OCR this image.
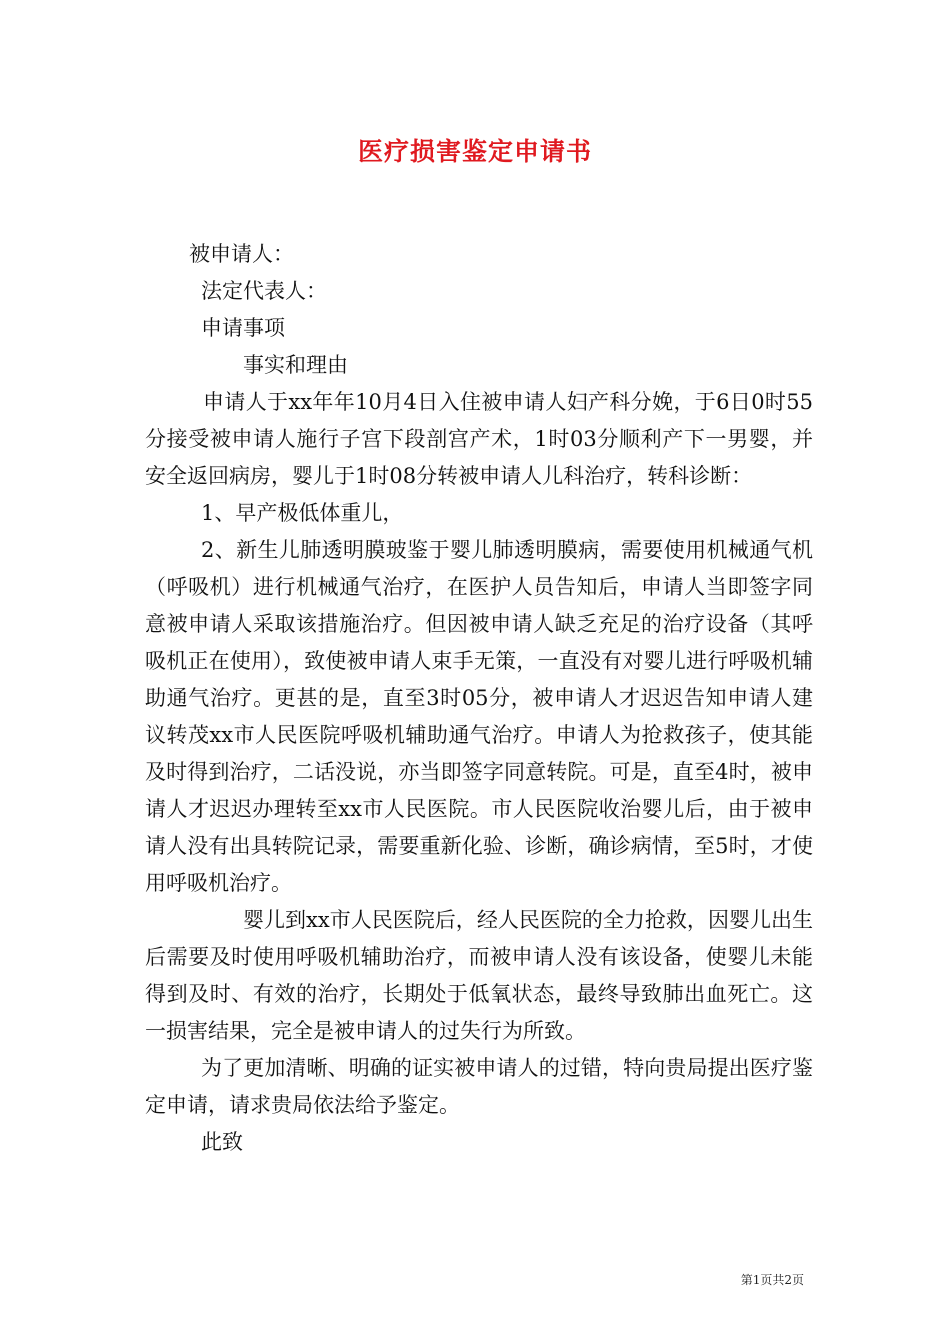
医疗损害鉴定申请书

被申请人：

法定代表人：

申请事项

事实和理由

申请人于xx年年10月4日入住被申请人妇产科分娩，于6日0时55分接受被申请人施行子宫下段剖宫产术，1时03分顺利产下一男婴，并安全返回病房，婴儿于1时08分转被申请人儿科治疗，转科诊断：

1、早产极低体重儿，

2、新生儿肺透明膜玻鉴于婴儿肺透明膜病，需要使用机械通气机（呼吸机）进行机械通气治疗，在医护人员告知后，申请人当即签字同意被申请人采取该措施治疗。但因被申请人缺乏充足的治疗设备（其呼吸机正在使用），致使被申请人束手无策，一直没有对婴儿进行呼吸机辅助通气治疗。更甚的是，直至3时05分，被申请人才迟迟告知申请人建议转茂xx市人民医院呼吸机辅助通气治疗。申请人为抢救孩子，使其能及时得到治疗，二话没说，亦当即签字同意转院。可是，直至4时，被申请人才迟迟办理转至xx市人民医院。市人民医院收治婴儿后，由于被申请人没有出具转院记录，需要重新化验、诊断，确诊病情，至5时，才使用呼吸机治疗。

婴儿到xx市人民医院后，经人民医院的全力抢救，因婴儿出生后需要及时使用呼吸机辅助治疗，而被申请人没有该设备，使婴儿未能得到及时、有效的治疗，长期处于低氧状态，最终导致肺出血死亡。这一损害结果，完全是被申请人的过失行为所致。

为了更加清晰、明确的证实被申请人的过错，特向贵局提出医疗鉴定申请，请求贵局依法给予鉴定。

此致

第1页共2页
